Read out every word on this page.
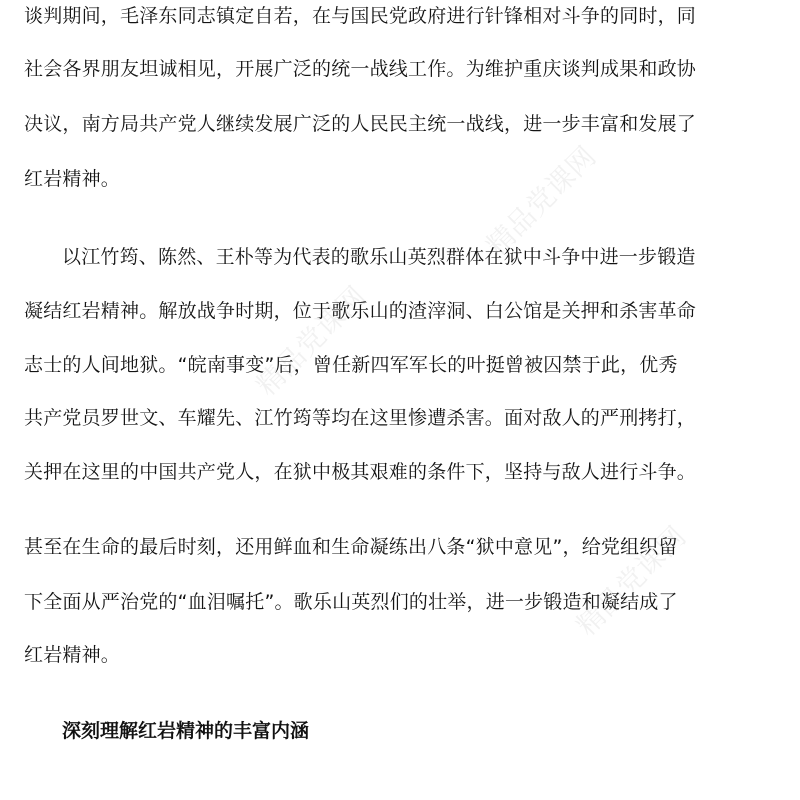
精品党课网
精品党课网
精品党课网

谈判期间，毛泽东同志镇定自若，在与国民党政府进行针锋相对斗争的同时，同

社会各界朋友坦诚相见，开展广泛的统一战线工作。为维护重庆谈判成果和政协

决议，南方局共产党人继续发展广泛的人民民主统一战线，进一步丰富和发展了

红岩精神。

以江竹筠、陈然、王朴等为代表的歌乐山英烈群体在狱中斗争中进一步锻造

凝结红岩精神。解放战争时期，位于歌乐山的渣滓洞、白公馆是关押和杀害革命

志士的人间地狱。“皖南事变”后，曾任新四军军长的叶挺曾被囚禁于此，优秀

共产党员罗世文、车耀先、江竹筠等均在这里惨遭杀害。面对敌人的严刑拷打，

关押在这里的中国共产党人，在狱中极其艰难的条件下，坚持与敌人进行斗争。

甚至在生命的最后时刻，还用鲜血和生命凝练出八条“狱中意见”，给党组织留

下全面从严治党的“血泪嘱托”。歌乐山英烈们的壮举，进一步锻造和凝结成了

红岩精神。

深刻理解红岩精神的丰富内涵
